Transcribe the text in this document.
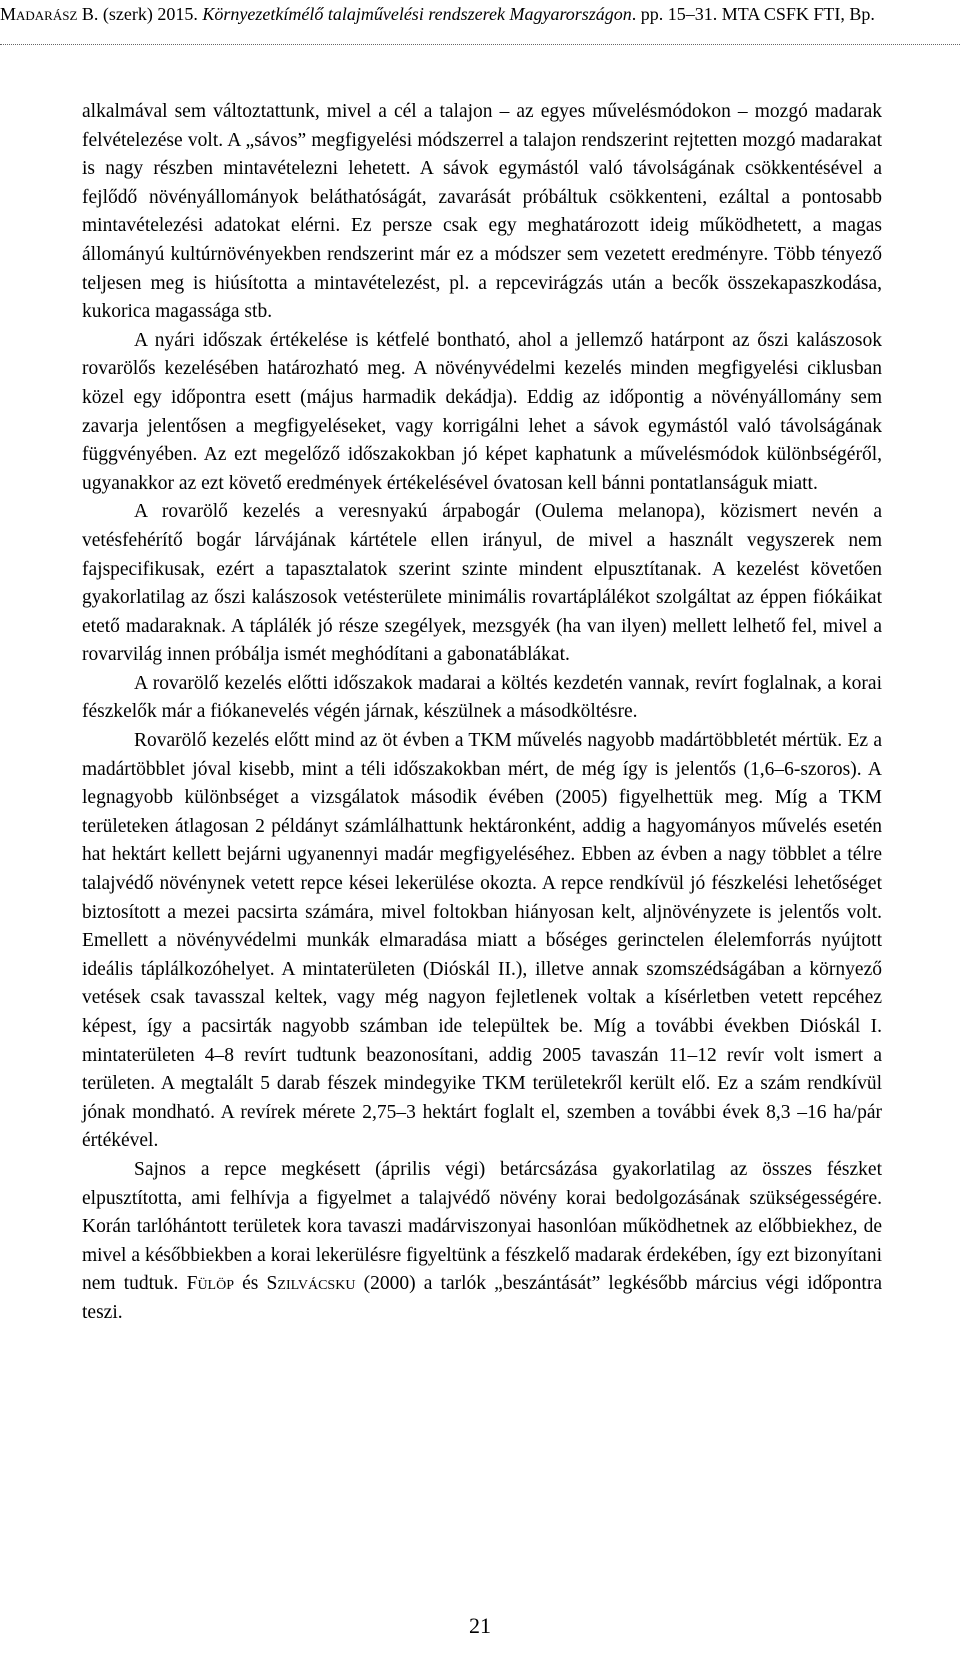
Madarász B. (szerk) 2015. Környezetkímélő talajművelési rendszerek Magyarországon. pp. 15–31. MTA CSFK FTI, Bp.

alkalmával sem változtattunk, mivel a cél a talajon – az egyes művelésmódokon – mozgó madarak felvételezése volt. A „sávos” megfigyelési módszerrel a talajon rendszerint rejtetten mozgó madarakat is nagy részben mintavételezni lehetett. A sávok egymástól való távolságának csökkentésével a fejlődő növényállományok beláthatóságát, zavarását próbáltuk csökkenteni, ezáltal a pontosabb mintavételezési adatokat elérni. Ez persze csak egy meghatározott ideig működhetett, a magas állományú kultúrnövényekben rendszerint már ez a módszer sem vezetett eredményre. Több tényező teljesen meg is hiúsította a mintavételezést, pl. a repcevirágzás után a becők összekapaszkodása, kukorica magassága stb.

A nyári időszak értékelése is kétfelé bontható, ahol a jellemző határpont az őszi kalászosok rovarölős kezelésében határozható meg. A növényvédelmi kezelés minden megfigyelési ciklusban közel egy időpontra esett (május harmadik dekádja). Eddig az időpontig a növényállomány sem zavarja jelentősen a megfigyeléseket, vagy korrigálni lehet a sávok egymástól való távolságának függvényében. Az ezt megelőző időszakokban jó képet kaphatunk a művelésmódok különbségéről, ugyanakkor az ezt követő eredmények értékelésével óvatosan kell bánni pontatlanságuk miatt.

A rovarölő kezelés a veresnyakú árpabogár (Oulema melanopa), közismert nevén a vetésfehérítő bogár lárvájának kártétele ellen irányul, de mivel a használt vegyszerek nem fajspecifikusak, ezért a tapasztalatok szerint szinte mindent elpusztítanak. A kezelést követően gyakorlatilag az őszi kalászosok vetésterülete minimális rovartáplálékot szolgáltat az éppen fiókáikat etető madaraknak. A táplálék jó része szegélyek, mezsgyék (ha van ilyen) mellett lelhető fel, mivel a rovarvilág innen próbálja ismét meghódítani a gabonatáblákat.

A rovarölő kezelés előtti időszakok madarai a költés kezdetén vannak, revírt foglalnak, a korai fészkelők már a fiókanevelés végén járnak, készülnek a másodköltésre.

Rovarölő kezelés előtt mind az öt évben a TKM művelés nagyobb madártöbbletét mértük. Ez a madártöbblet jóval kisebb, mint a téli időszakokban mért, de még így is jelentős (1,6–6-szoros). A legnagyobb különbséget a vizsgálatok második évében (2005) figyelhettük meg. Míg a TKM területeken átlagosan 2 példányt számlálhattunk hektáronként, addig a hagyományos művelés esetén hat hektárt kellett bejárni ugyanennyi madár megfigyeléséhez. Ebben az évben a nagy többlet a télre talajvédő növénynek vetett repce kései lekerülése okozta. A repce rendkívül jó fészkelési lehetőséget biztosított a mezei pacsirta számára, mivel foltokban hiányosan kelt, aljnövényzete is jelentős volt. Emellett a növényvédelmi munkák elmaradása miatt a bőséges gerinctelen élelemforrás nyújtott ideális táplálkozóhelyet. A mintaterületen (Dióskál II.), illetve annak szomszédságában a környező vetések csak tavasszal keltek, vagy még nagyon fejletlenek voltak a kísérletben vetett repcéhez képest, így a pacsirták nagyobb számban ide települtek be. Míg a további években Dióskál I. mintaterületen 4–8 revírt tudtunk beazonosítani, addig 2005 tavaszán 11–12 revír volt ismert a területen. A megtalált 5 darab fészek mindegyike TKM területekről került elő. Ez a szám rendkívül jónak mondható. A revírek mérete 2,75–3 hektárt foglalt el, szemben a további évek 8,3 –16 ha/pár értékével.

Sajnos a repce megkésett (április végi) betárcsázása gyakorlatilag az összes fészket elpusztította, ami felhívja a figyelmet a talajvédő növény korai bedolgozásának szükségességére. Korán tarlóhántott területek kora tavaszi madárviszonyai hasonlóan működhetnek az előbbiekhez, de mivel a későbbiekben a korai lekerülésre figyeltünk a fészkelő madarak érdekében, így ezt bizonyítani nem tudtuk. Fülöp és Szilvácsku (2000) a tarlók „beszántását” legkésőbb március végi időpontra teszi.

21
